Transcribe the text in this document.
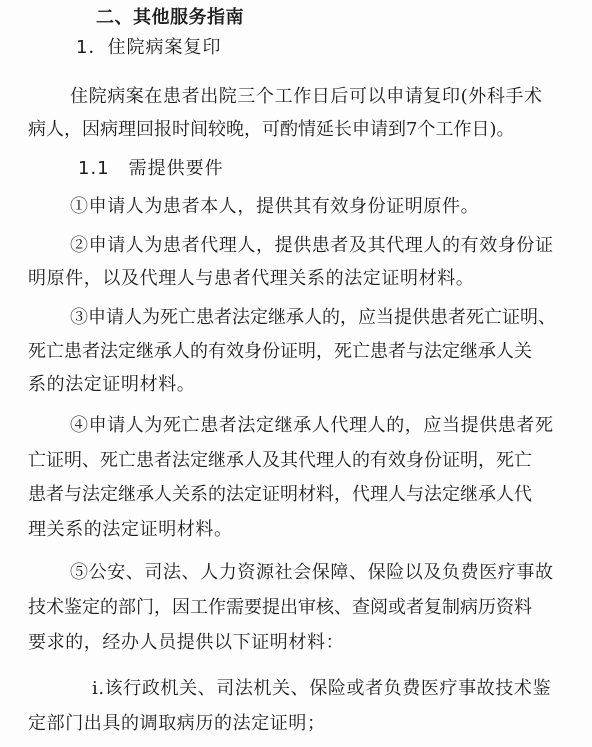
二、其他服务指南
1．住院病案复印
住院病案在患者出院三个工作日后可以申请复印(外科手术
病人，因病理回报时间较晚，可酌情延长申请到7个工作日)。
1.1　需提供要件
①申请人为患者本人，提供其有效身份证明原件。
②申请人为患者代理人，提供患者及其代理人的有效身份证
明原件，以及代理人与患者代理关系的法定证明材料。
③申请人为死亡患者法定继承人的，应当提供患者死亡证明、
死亡患者法定继承人的有效身份证明，死亡患者与法定继承人关
系的法定证明材料。
④申请人为死亡患者法定继承人代理人的，应当提供患者死
亡证明、死亡患者法定继承人及其代理人的有效身份证明，死亡
患者与法定继承人关系的法定证明材料，代理人与法定继承人代
理关系的法定证明材料。
⑤公安、司法、人力资源社会保障、保险以及负费医疗事故
技术鉴定的部门，因工作需要提出审核、查阅或者复制病历资料
要求的，经办人员提供以下证明材料：
ⅰ.该行政机关、司法机关、保险或者负费医疗事故技术鉴
定部门出具的调取病历的法定证明；
